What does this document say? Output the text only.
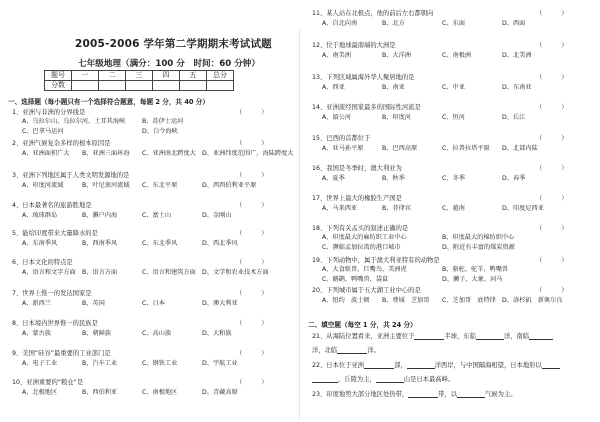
2005-2006 学年第二学期期末考试试题
七年级地理（满分：100 分　时间：60 分钟）
题号	一	二	三	四	五	总分
分数						
一、选择题（每小题只有一个选择符合题意，每题 2 分，共 40 分）
1、亚洲与非洲的分界线是	（　　　）
A、乌拉尔山、乌拉尔河、土耳其海峡	B、苏伊士运河
C、巴拿马运河	D、白令海峡
2、亚洲气候复杂多样的根本原因是	（　　　）
A、亚洲面积广大 B、亚洲三面环海 C、亚洲南北跨度大 D、亚洲纬度范围广，海陆跨度大
3、亚洲下列地区属于人类文明发源地的是	（　　　）
A、印度河流域	B、叶尼塞河流域 C、东北平原	D、西西伯利亚平原
4、日本最著名的旅游胜地是	（　　　）
A、琉球群岛	B、濑户内海	C、富士山	D、金刚山
5、能给印度带来大量降水的是	（　　　）
A、东南季风	B、西南季风	C、东北季风	D、西北季风
6、日本文化的特点是	（　　　）
A、语言和文字方面 B、语言方面	C、语言和建筑方面 D、文学和农业技术方面
7、世界上惟一的发达国家是	（　　　）
A、新西兰	B、英国	C、日本	D、澳大利亚
8、日本境内世界惟一的民族是	（　　　）
A、蒙古族	B、朝鲜族	C、高山族	D、大和族
9、美国“硅谷”最重要的工业部门是	（　　　）
A、电子工业	B、汽车工业	C、钢铁工业	D、宇航工业
10、亚洲重要的“粮仓”是	（　　　）
A、北极地区	B、西伯利亚	C、南极地区	D、青藏高原
11、某人站在北极点，他的前后左右都朝向	（　　　）
A、自北向南	B、北方	C、东面	D、西面
12、位于地球最南端的大洲是	（　　　）
A、南美洲	B、大洋洲	C、南极洲	D、北美洲
13、下列区域属海外华人聚居地的是	（　　　）
A、西亚	B、南亚	C、中亚	D、东南亚
14、亚洲流经国家最多的国际性河流是	（　　　）
A、湄公河	B、印度河	C、恒河	D、长江
15、巴西的首都位于	（　　　）
A、亚马孙平原	B、巴西高原	C、拉普拉塔平原 D、北部内陆
16、我国是冬季时，澳大利亚为	（　　　）
A、夏季	B、秋季	C、冬季	D、春季
17、世界上最大的橡胶生产国是	（　　　）
A、马来西亚	B、菲律宾	C、越南	D、印度尼西亚
18、下列有关孟买的叙述正确的是	（　　　）
A、印度最大的麻纺织工业中心	B、印度最大的棉纺织中心
C、濒临孟加拉湾的港口城市	D、附近有丰富的煤炭资源
19、下列动物中，属于澳大利亚特有的动物是	（　　　）
A、大食蚁兽、巨嘴鸟、美洲虎	B、骆驼、驼羊、鸭嘴兽
C、鸸鹋、鸭嘴兽、袋鼠	D、狮子、大象、河马
20、下列城市属于五大湖工业中心的是	（　　　）
A、纽约　波士顿 B、费城　芝加哥 C、芝加哥　底特律 D、洛杉矶　新奥尔良
二、填空题（每空 1 分，共 24 分）
21、从海陆位置看来，亚洲主要位于	半球，东临	洋，南临
洋，北临	洋。
22、日本位于亚洲	部，	洋西岸，与中国隔海相望，日本地形以
，丘陵为主，	山是日本最高峰。
23、印度地势大部分地区处热带，	带，以	气候为主。
